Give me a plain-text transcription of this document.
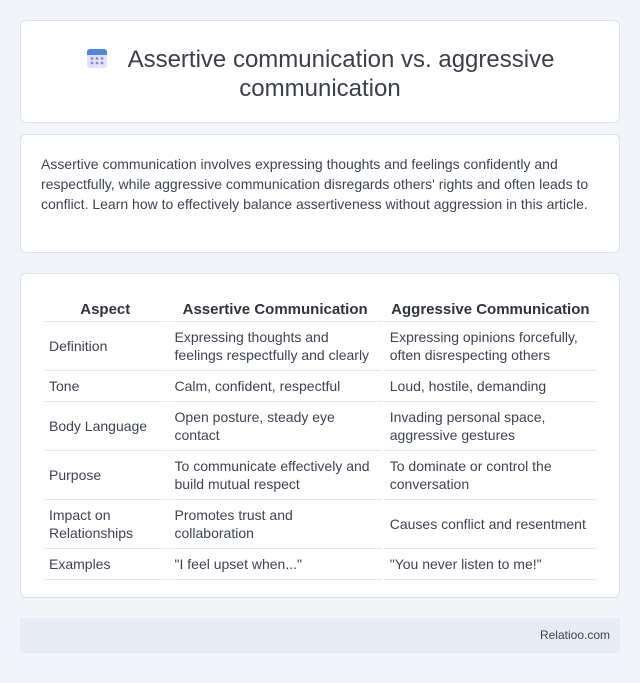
Assertive communication vs. aggressive
communication

Assertive communication involves expressing thoughts and feelings confidently and respectfully, while aggressive communication disregards others' rights and often leads to conflict. Learn how to effectively balance assertiveness without aggression in this article.

Aspect	Assertive Communication	Aggressive Communication
Definition	Expressing thoughts and feelings respectfully and clearly	Expressing opinions forcefully, often disrespecting others
Tone	Calm, confident, respectful	Loud, hostile, demanding
Body Language	Open posture, steady eye contact	Invading personal space, aggressive gestures
Purpose	To communicate effectively and build mutual respect	To dominate or control the conversation
Impact on Relationships	Promotes trust and collaboration	Causes conflict and resentment
Examples	"I feel upset when..."	"You never listen to me!"
Relatioo.com
